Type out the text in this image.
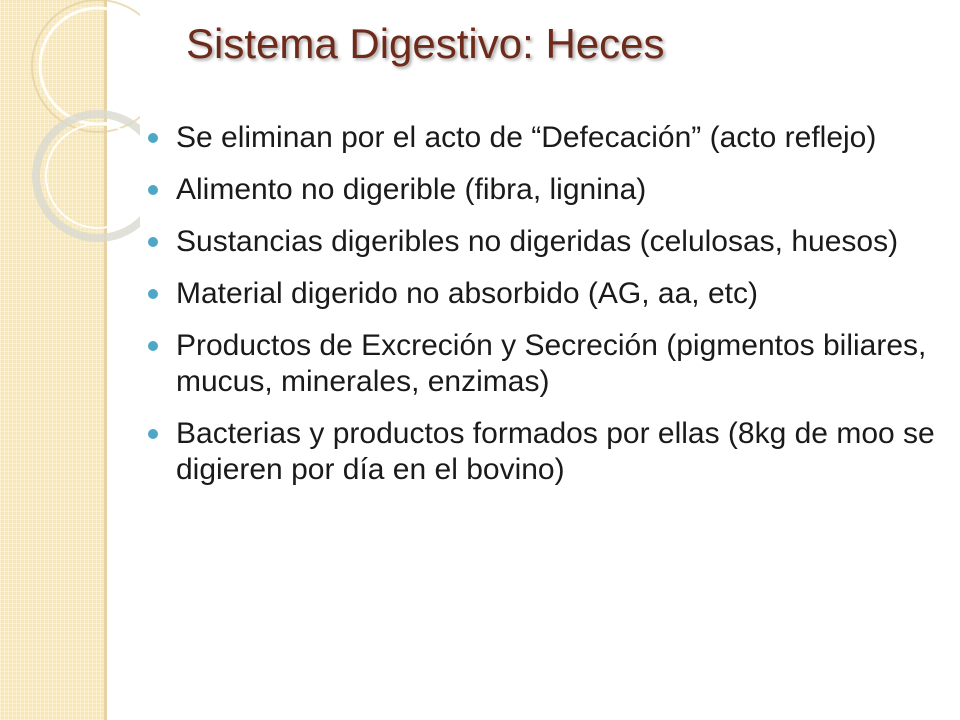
Sistema Digestivo: Heces
Se eliminan por el acto de “Defecación” (acto reflejo)
Alimento no digerible (fibra, lignina)
Sustancias digeribles no digeridas (celulosas, huesos)
Material digerido no absorbido (AG, aa, etc)
Productos de Excreción y Secreción (pigmentos biliares, mucus, minerales, enzimas)
Bacterias y productos formados por ellas (8kg de moo se digieren por día en el bovino)
